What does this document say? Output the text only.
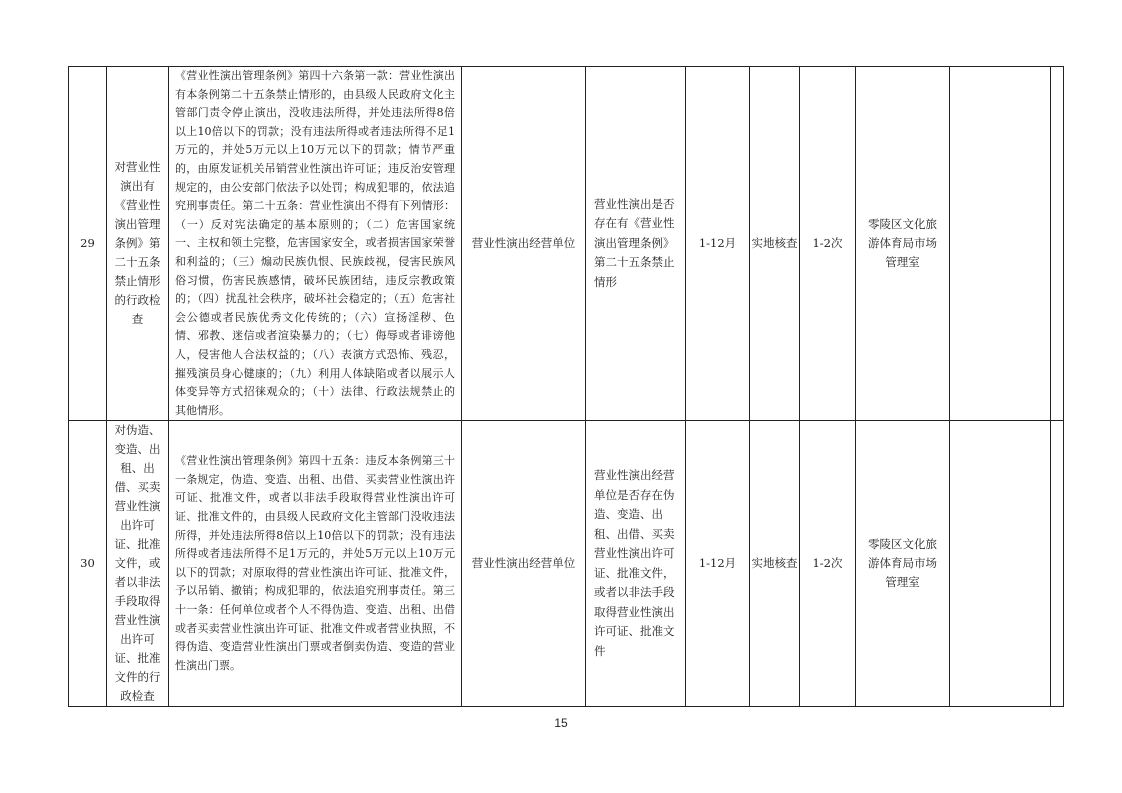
29	对营业性演出有《营业性演出管理条例》第二十五条禁止情形的行政检查	《营业性演出管理条例》第四十六条第一款：营业性演出有本条例第二十五条禁止情形的，由县级人民政府文化主管部门责令停止演出，没收违法所得，并处违法所得8倍以上10倍以下的罚款；没有违法所得或者违法所得不足1万元的，并处5万元以上10万元以下的罚款；情节严重的，由原发证机关吊销营业性演出许可证；违反治安管理规定的，由公安部门依法予以处罚；构成犯罪的，依法追究刑事责任。第二十五条：营业性演出不得有下列情形：（一）反对宪法确定的基本原则的；（二）危害国家统一、主权和领土完整，危害国家安全，或者损害国家荣誉和利益的；（三）煽动民族仇恨、民族歧视，侵害民族风俗习惯，伤害民族感情，破坏民族团结，违反宗教政策的；（四）扰乱社会秩序，破坏社会稳定的；（五）危害社会公德或者民族优秀文化传统的；（六）宣扬淫秽、色情、邪教、迷信或者渲染暴力的；（七）侮辱或者诽谤他人，侵害他人合法权益的；（八）表演方式恐怖、残忍，摧残演员身心健康的；（九）利用人体缺陷或者以展示人体变异等方式招徕观众的；（十）法律、行政法规禁止的其他情形。	营业性演出经营单位	营业性演出是否存在有《营业性演出管理条例》第二十五条禁止情形	1-12月	实地核查	1-2次	零陵区文化旅游体育局市场管理室		
30	对伪造、变造、出租、出借、买卖营业性演出许可证、批准文件，或者以非法手段取得营业性演出许可证、批准文件的行政检查	《营业性演出管理条例》第四十五条：违反本条例第三十一条规定，伪造、变造、出租、出借、买卖营业性演出许可证、批准文件，或者以非法手段取得营业性演出许可证、批准文件的，由县级人民政府文化主管部门没收违法所得，并处违法所得8倍以上10倍以下的罚款；没有违法所得或者违法所得不足1万元的，并处5万元以上10万元以下的罚款；对原取得的营业性演出许可证、批准文件，予以吊销、撤销；构成犯罪的，依法追究刑事责任。第三十一条：任何单位或者个人不得伪造、变造、出租、出借或者买卖营业性演出许可证、批准文件或者营业执照，不得伪造、变造营业性演出门票或者倒卖伪造、变造的营业性演出门票。	营业性演出经营单位	营业性演出经营单位是否存在伪造、变造、出租、出借、买卖营业性演出许可证、批准文件，或者以非法手段取得营业性演出许可证、批准文件	1-12月	实地核查	1-2次	零陵区文化旅游体育局市场管理室		
15
